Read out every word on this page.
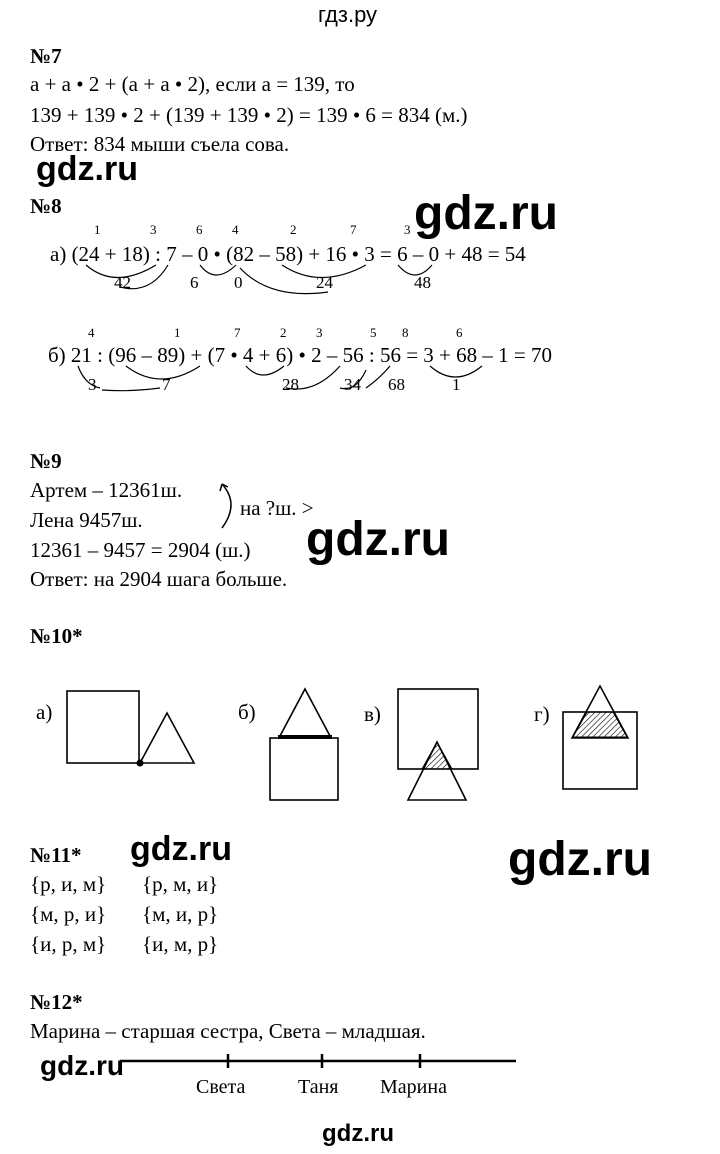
гдз.ру
№7
a + a • 2 + (a + a • 2), если a = 139, то
139 + 139 • 2 + (139 + 139 • 2) = 139 • 6 = 834 (м.)
Ответ: 834 мыши съела сова.
gdz.ru
№8	gdz.ru
1	3	6 4	2	7	3
а) (24 + 18) : 7 – 0 • (82 – 58) + 16 • 3 = 6 – 0 + 48 = 54
42	6 0	24	48
4	1	7	2 3	5 8	6
б) 21 : (96 – 89) + (7 • 4 + 6) • 2 – 56 : 56 = 3 + 68 – 1 = 70
3	7	28	34 68	1
№9
Артем – 12361ш.
Лена 9457ш.	на ?ш. >
12361 – 9457 = 2904 (ш.)
Ответ: на 2904 шага больше.
gdz.ru
№10*
а)	б)	в)	г)
№11* gdz.ru	gdz.ru
{р, и, м} {р, м, и}
{м, р, и} {м, и, р}
{и, р, м} {и, м, р}
№12*
Марина – старшая сестра, Света – младшая.
gdz.ru
Света	Таня Марина
gdz.ru
